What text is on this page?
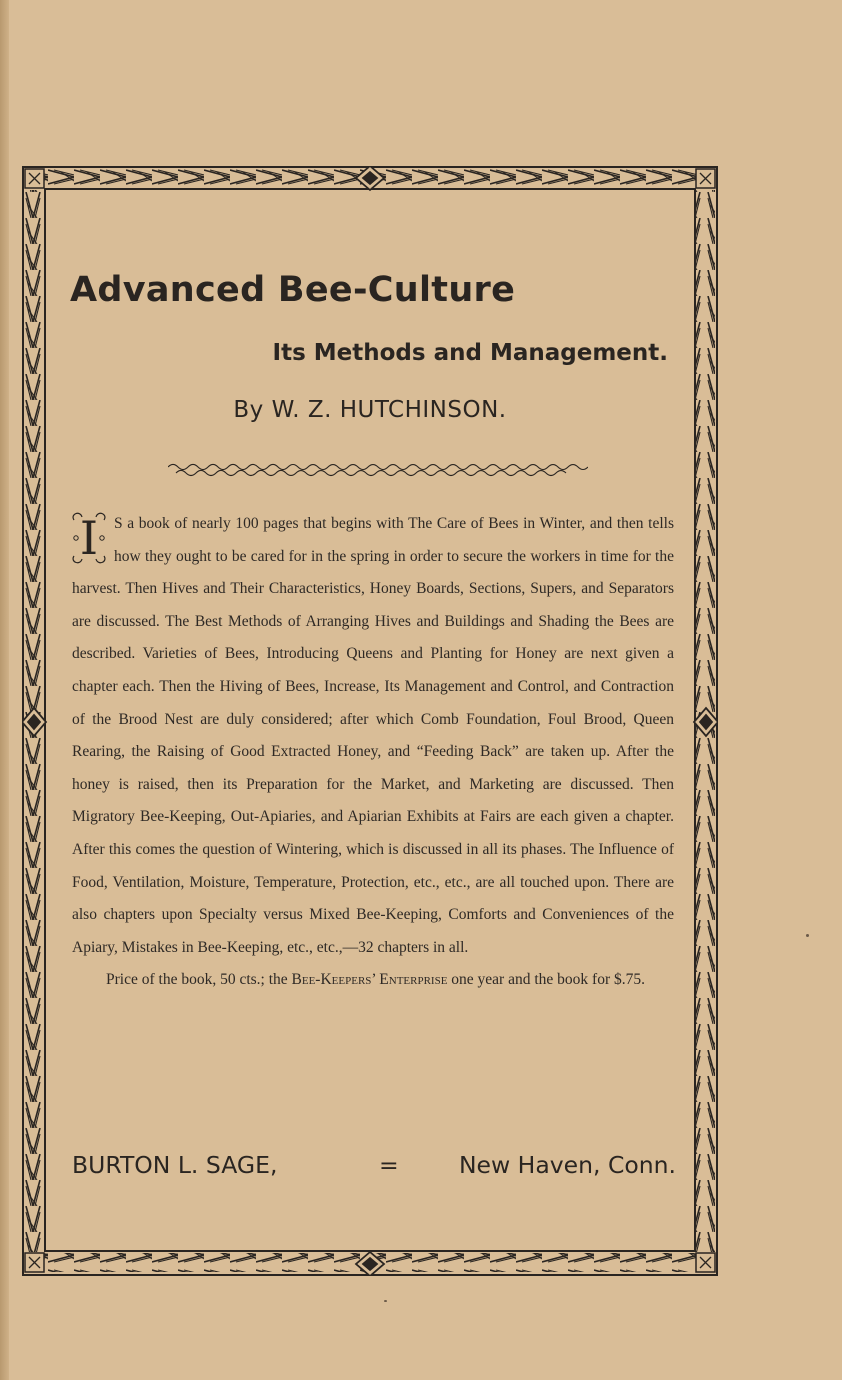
Advanced Bee-Culture
Its Methods and Management.
By W. Z. HUTCHINSON.

I S a book of nearly 100 pages that begins with The Care of Bees in Winter, and then tells how they ought to be cared for in the spring in order to secure the workers in time for the harvest. Then Hives and Their Characteristics, Honey Boards, Sections, Supers, and Separators are discussed. The Best Methods of Arranging Hives and Buildings and Shading the Bees are described. Varieties of Bees, Introducing Queens and Planting for Honey are next given a chapter each. Then the Hiving of Bees, Increase, Its Management and Control, and Contraction of the Brood Nest are duly considered; after which Comb Foundation, Foul Brood, Queen Rearing, the Raising of Good Extracted Honey, and “Feeding Back” are taken up. After the honey is raised, then its Preparation for the Market, and Marketing are discussed. Then Migratory Bee-Keeping, Out-Apiaries, and Apiarian Exhibits at Fairs are each given a chapter. After this comes the question of Wintering, which is discussed in all its phases. The Influence of Food, Ventilation, Moisture, Temperature, Protection, etc., etc., are all touched upon. There are also chapters upon Specialty versus Mixed Bee-Keeping, Comforts and Conveniences of the Apiary, Mistakes in Bee-Keeping, etc., etc.,—32 chapters in all.

Price of the book, 50 cts.; the Bee-Keepers’ Enterprise one year and the book for $.75.

BURTON L. SAGE,	=	New Haven, Conn.
